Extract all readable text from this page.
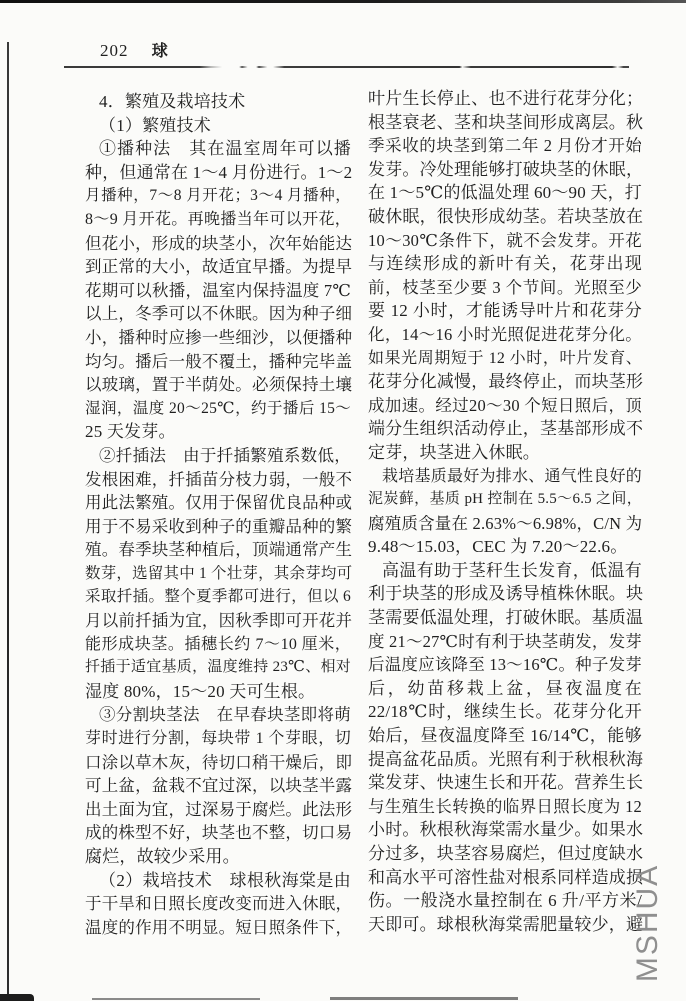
202 球
4．繁殖及栽培技术
（1）繁殖技术
①播种法　其在温室周年可以播
种，但通常在 1～4 月份进行。1～2
月播种，7～8 月开花；3～4 月播种，
8～9 月开花。再晚播当年可以开花，
但花小，形成的块茎小，次年始能达
到正常的大小，故适宜早播。为提早
花期可以秋播，温室内保持温度 7℃
以上，冬季可以不休眠。因为种子细
小，播种时应掺一些细沙，以便播种
均匀。播后一般不覆土，播种完毕盖
以玻璃，置于半荫处。必须保持土壤
湿润，温度 20～25℃，约于播后 15～
25 天发芽。
②扦插法　由于扦插繁殖系数低，
发根困难，扦插苗分枝力弱，一般不
用此法繁殖。仅用于保留优良品种或
用于不易采收到种子的重瓣品种的繁
殖。春季块茎种植后，顶端通常产生
数芽，选留其中 1 个壮芽，其余芽均可
采取扦插。整个夏季都可进行，但以 6
月以前扦插为宜，因秋季即可开花并
能形成块茎。插穗长约 7～10 厘米，
扦插于适宜基质，温度维持 23℃、相对
湿度 80%，15～20 天可生根。
③分割块茎法　在早春块茎即将萌
芽时进行分割，每块带 1 个芽眼，切
口涂以草木灰，待切口稍干燥后，即
可上盆，盆栽不宜过深，以块茎半露
出土面为宜，过深易于腐烂。此法形
成的株型不好，块茎也不整，切口易
腐烂，故较少采用。
（2）栽培技术　球根秋海棠是由
于干旱和日照长度改变而进入休眠，
温度的作用不明显。短日照条件下，
叶片生长停止、也不进行花芽分化；
根茎衰老、茎和块茎间形成离层。秋
季采收的块茎到第二年 2 月份才开始
发芽。冷处理能够打破块茎的休眠，
在 1～5℃的低温处理 60～90 天，打
破休眠，很快形成幼茎。若块茎放在
10～30℃条件下，就不会发芽。开花
与连续形成的新叶有关，花芽出现
前，枝茎至少要 3 个节间。光照至少
要 12 小时，才能诱导叶片和花芽分
化，14～16 小时光照促进花芽分化。
如果光周期短于 12 小时，叶片发育、
花芽分化减慢，最终停止，而块茎形
成加速。经过20～30 个短日照后，顶
端分生组织活动停止，茎基部形成不
定芽，块茎进入休眠。
栽培基质最好为排水、通气性良好的
泥炭藓，基质 pH 控制在 5.5～6.5 之间，
腐殖质含量在 2.63%～6.98%，C/N 为
9.48～15.03，CEC 为 7.20～22.6。
高温有助于茎秆生长发育，低温有
利于块茎的形成及诱导植株休眠。块
茎需要低温处理，打破休眠。基质温
度 21～27℃时有利于块茎萌发，发芽
后温度应该降至 13～16℃。种子发芽
后，幼苗移栽上盆，昼夜温度在
22/18℃时，继续生长。花芽分化开
始后，昼夜温度降至 16/14℃，能够
提高盆花品质。光照有利于秋根秋海
棠发芽、快速生长和开花。营养生长
与生殖生长转换的临界日照长度为 12
小时。秋根秋海棠需水量少。如果水
分过多，块茎容易腐烂，但过度缺水
和高水平可溶性盐对根系同样造成损
伤。一般浇水量控制在 6 升/平方米/
天即可。球根秋海棠需肥量较少，避
MSHUA
